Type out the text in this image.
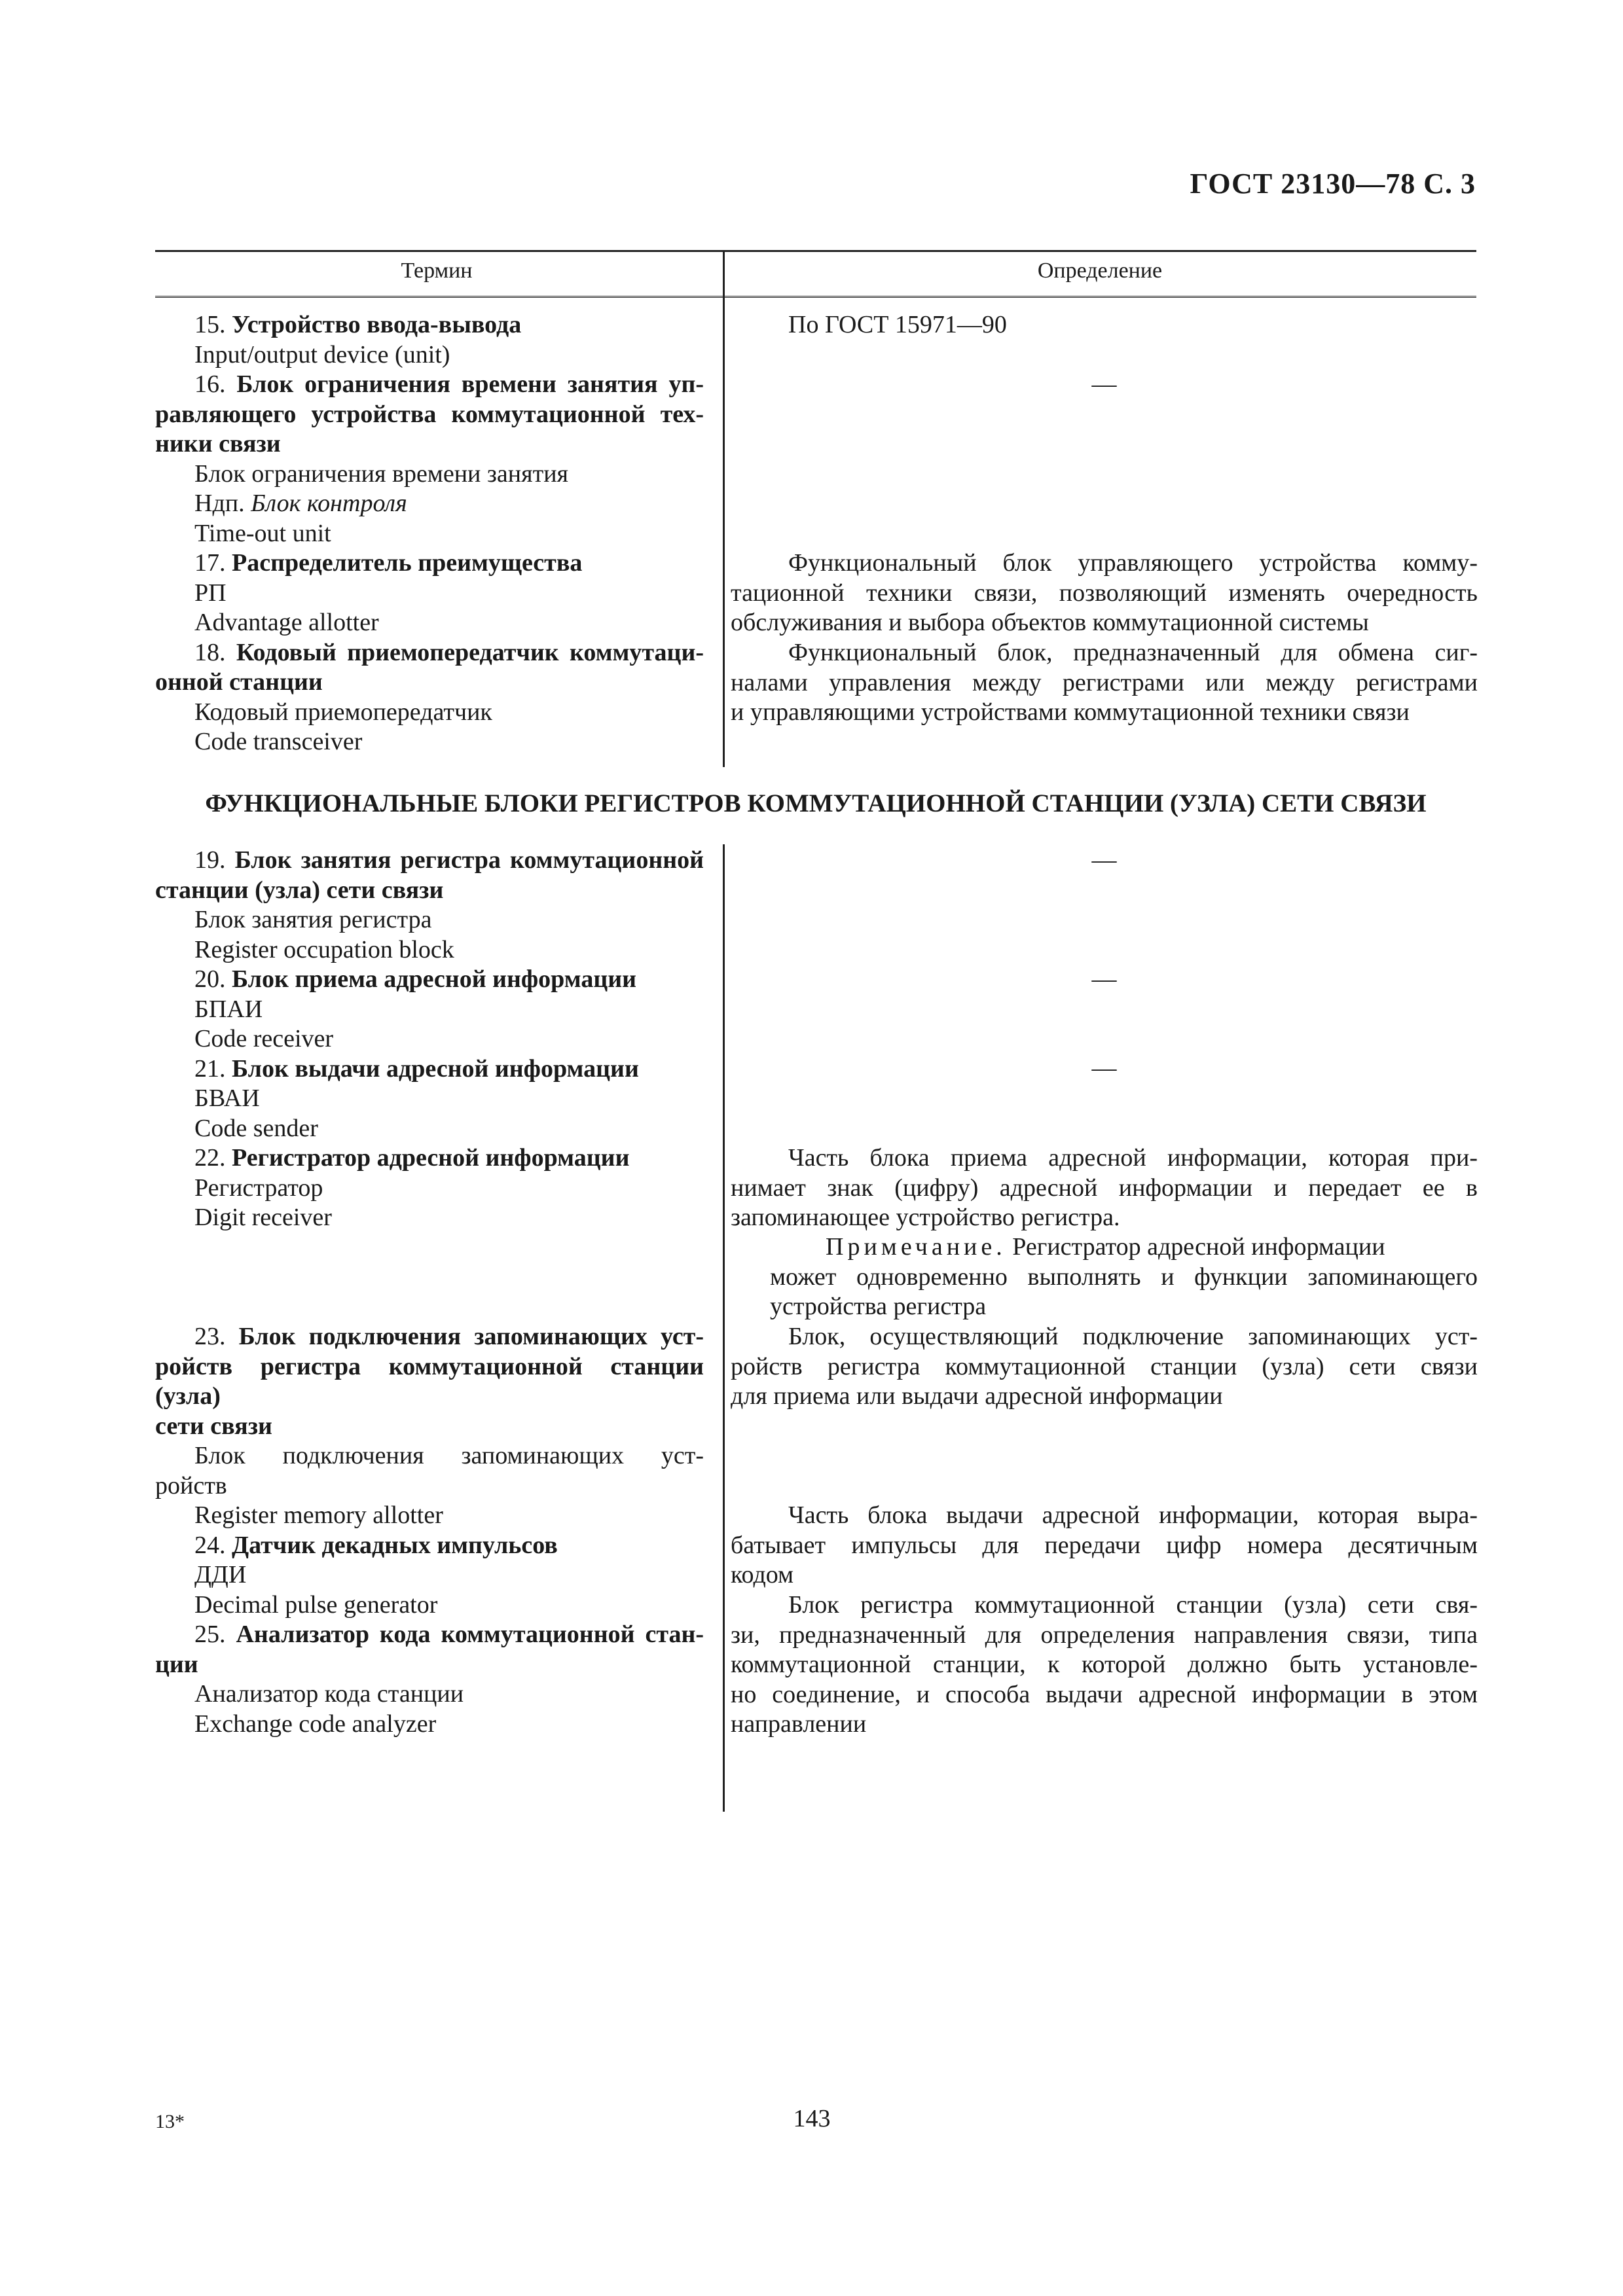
ГОСТ 23130—78 С. 3
Термин	Определение
15. Устройство ввода-вывода
Input/output device (unit)
16. Блок ограничения времени занятия уп-
равляющего устройства коммутационной тех-
ники связи
Блок ограничения времени занятия
Ндп. Блок контроля
Time-out unit
17. Распределитель преимущества
РП
Advantage allotter
18. Кодовый приемопередатчик коммутаци-
онной станции
Кодовый приемопередатчик
Code transceiver
По ГОСТ 15971—90
—
Функциональный блок управляющего устройства комму-
тационной техники связи, позволяющий изменять очередность
обслуживания и выбора объектов коммутационной системы
Функциональный блок, предназначенный для обмена сиг-
налами управления между регистрами или между регистрами
и управляющими устройствами коммутационной техники связи
ФУНКЦИОНАЛЬНЫЕ БЛОКИ РЕГИСТРОВ КОММУТАЦИОННОЙ СТАНЦИИ (УЗЛА) СЕТИ СВЯЗИ
19. Блок занятия регистра коммутационной
станции (узла) сети связи
Блок занятия регистра
Register occupation block
20. Блок приема адресной информации
БПАИ
Code receiver
21. Блок выдачи адресной информации
БВАИ
Code sender
22. Регистратор адресной информации
Регистратор
Digit receiver
23. Блок подключения запоминающих уст-
ройств регистра коммутационной станции (узла)
сети связи
Блок подключения запоминающих уст-
ройств
Register memory allotter
24. Датчик декадных импульсов
ДДИ
Decimal pulse generator
25. Анализатор кода коммутационной стан-
ции
Анализатор кода станции
Exchange code analyzer
—
—
—
Часть блока приема адресной информации, которая при-
нимает знак (цифру) адресной информации и передает ее в
запоминающее устройство регистра.
Примечание. Регистратор адресной информации
может одновременно выполнять и функции запоминающего
устройства регистра
Блок, осуществляющий подключение запоминающих уст-
ройств регистра коммутационной станции (узла) сети связи
для приема или выдачи адресной информации
Часть блока выдачи адресной информации, которая выра-
батывает импульсы для передачи цифр номера десятичным
кодом
Блок регистра коммутационной станции (узла) сети свя-
зи, предназначенный для определения направления связи, типа
коммутационной станции, к которой должно быть установле-
но соединение, и способа выдачи адресной информации в этом
направлении
13*	143
